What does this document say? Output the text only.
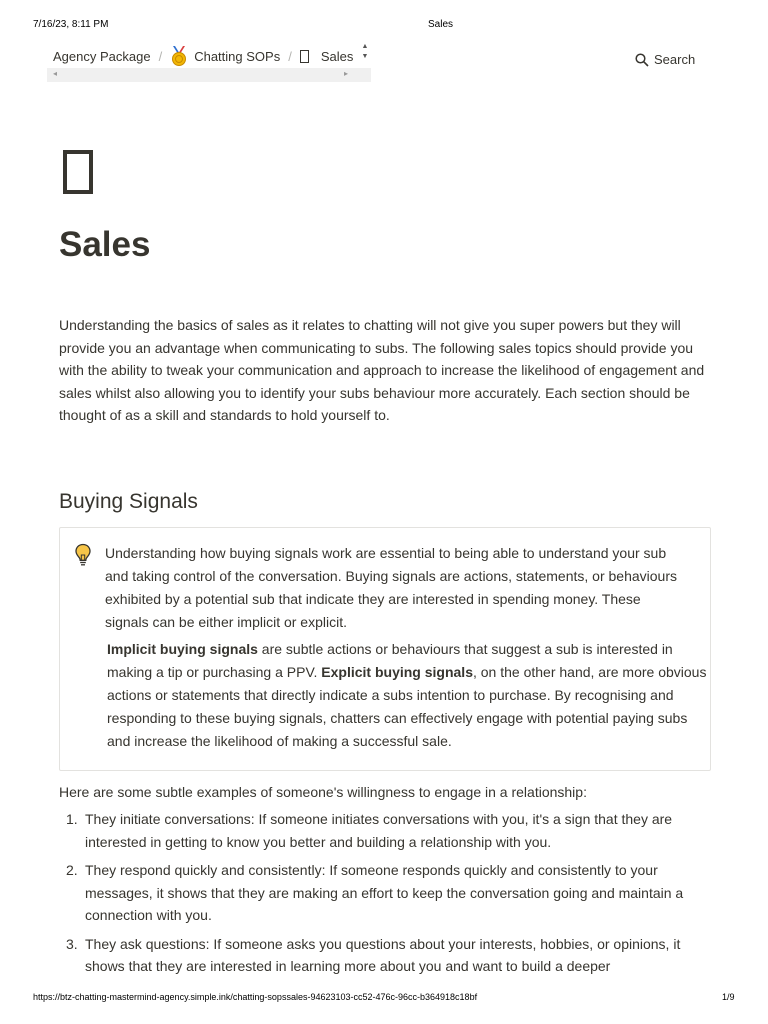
7/16/23, 8:11 PM	Sales
Agency Package / Chatting SOPs / Sales
▲
▼
◂	▸
Search
Sales

Understanding the basics of sales as it relates to chatting will not give you super powers but they will provide you an advantage when communicating to subs. The following sales topics should provide you with the ability to tweak your communication and approach to increase the likelihood of engagement and sales whilst also allowing you to identify your subs behaviour more accurately. Each section should be thought of as a skill and standards to hold yourself to.

Buying Signals

Understanding how buying signals work are essential to being able to understand your sub and taking control of the conversation. Buying signals are actions, statements, or behaviours exhibited by a potential sub that indicate they are interested in spending money. These signals can be either implicit or explicit.

Implicit buying signals are subtle actions or behaviours that suggest a sub is interested in making a tip or purchasing a PPV. Explicit buying signals, on the other hand, are more obvious actions or statements that directly indicate a subs intention to purchase. By recognising and responding to these buying signals, chatters can effectively engage with potential paying subs and increase the likelihood of making a successful sale.

Here are some subtle examples of someone's willingness to engage in a relationship:

1. They initiate conversations: If someone initiates conversations with you, it's a sign that they are interested in getting to know you better and building a relationship with you.
2. They respond quickly and consistently: If someone responds quickly and consistently to your messages, it shows that they are making an effort to keep the conversation going and maintain a connection with you.
3. They ask questions: If someone asks you questions about your interests, hobbies, or opinions, it shows that they are interested in learning more about you and want to build a deeper
https://btz-chatting-mastermind-agency.simple.ink/chatting-sopssales-94623103-cc52-476c-96cc-b364918c18bf	1/9
